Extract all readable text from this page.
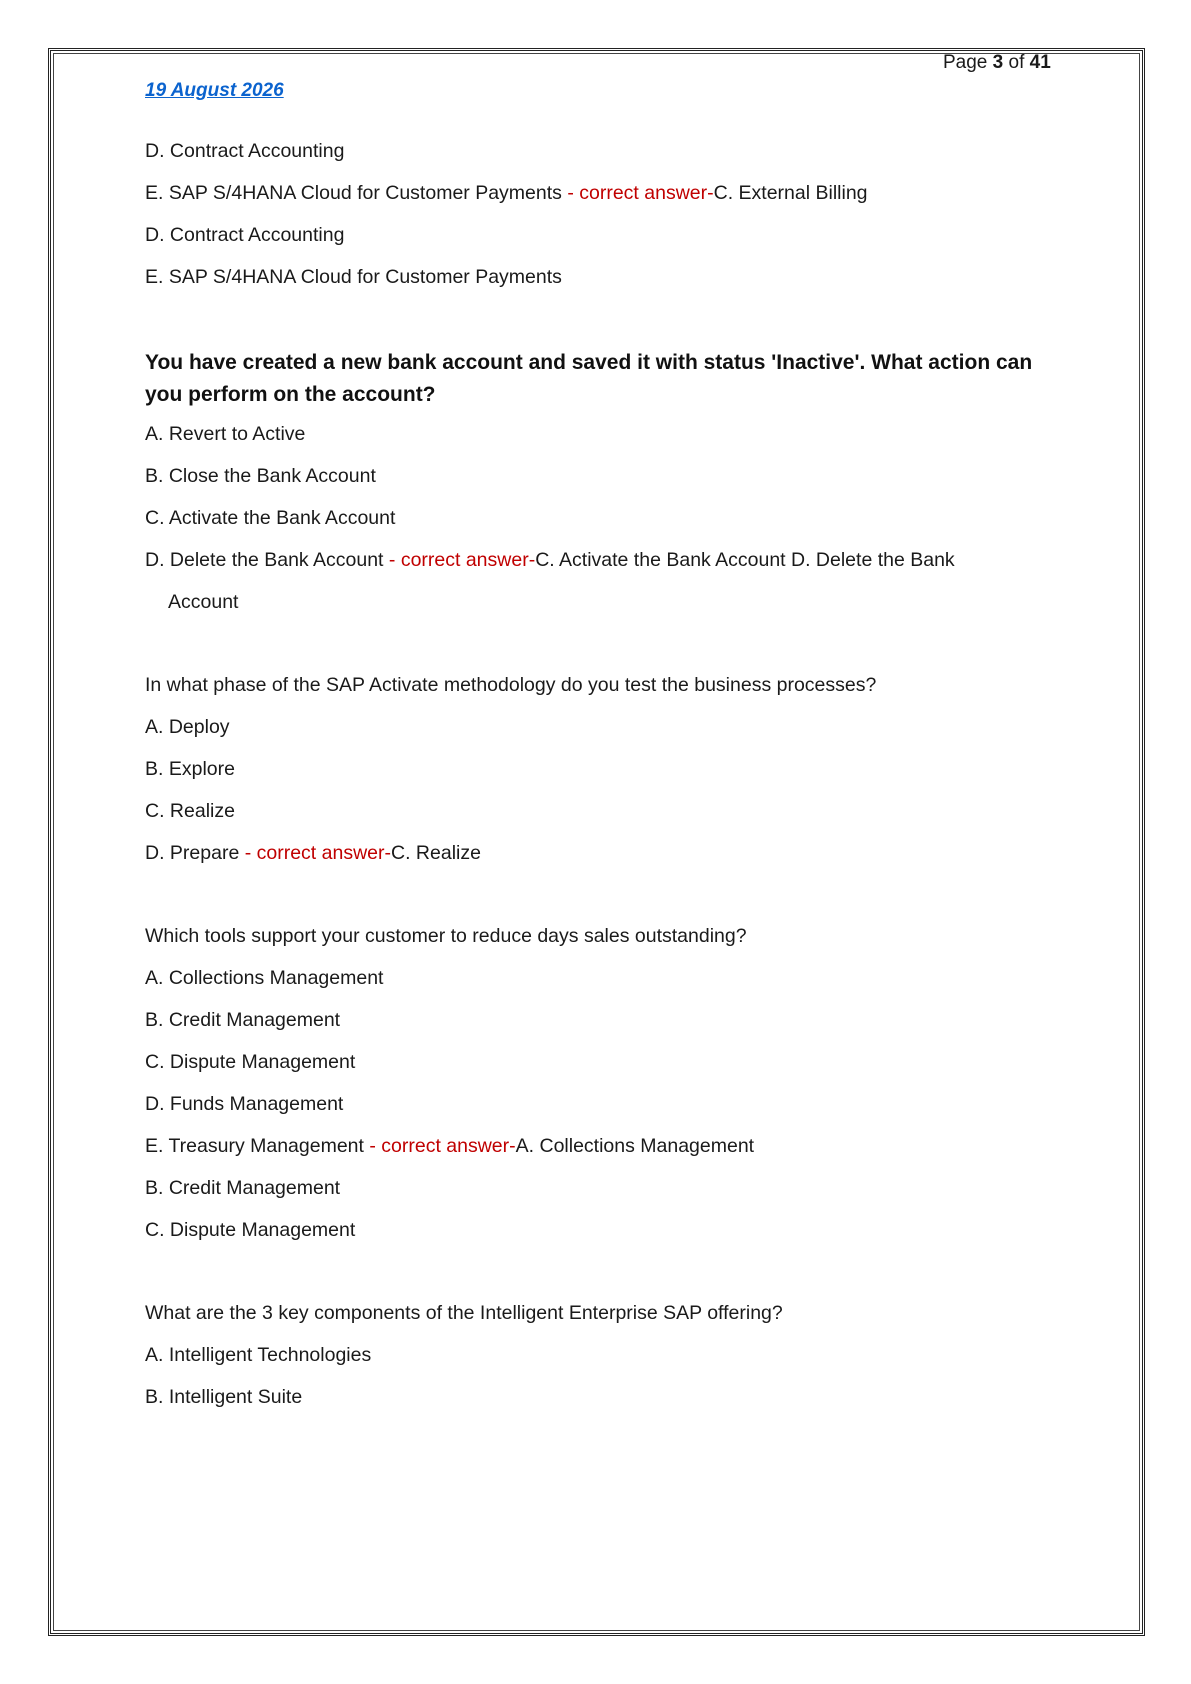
Page 3 of 41
19 August 2026
D. Contract Accounting
E. SAP S/4HANA Cloud for Customer Payments - correct answer-C. External Billing
D. Contract Accounting
E. SAP S/4HANA Cloud for Customer Payments
You have created a new bank account and saved it with status 'Inactive'. What action can you perform on the account?
A. Revert to Active
B. Close the Bank Account
C. Activate the Bank Account
D. Delete the Bank Account - correct answer-C. Activate the Bank Account D. Delete the Bank
Account
In what phase of the SAP Activate methodology do you test the business processes?
A. Deploy
B. Explore
C. Realize
D. Prepare - correct answer-C. Realize
Which tools support your customer to reduce days sales outstanding?
A. Collections Management
B. Credit Management
C. Dispute Management
D. Funds Management
E. Treasury Management - correct answer-A. Collections Management
B. Credit Management
C. Dispute Management
What are the 3 key components of the Intelligent Enterprise SAP offering?
A. Intelligent Technologies
B. Intelligent Suite
